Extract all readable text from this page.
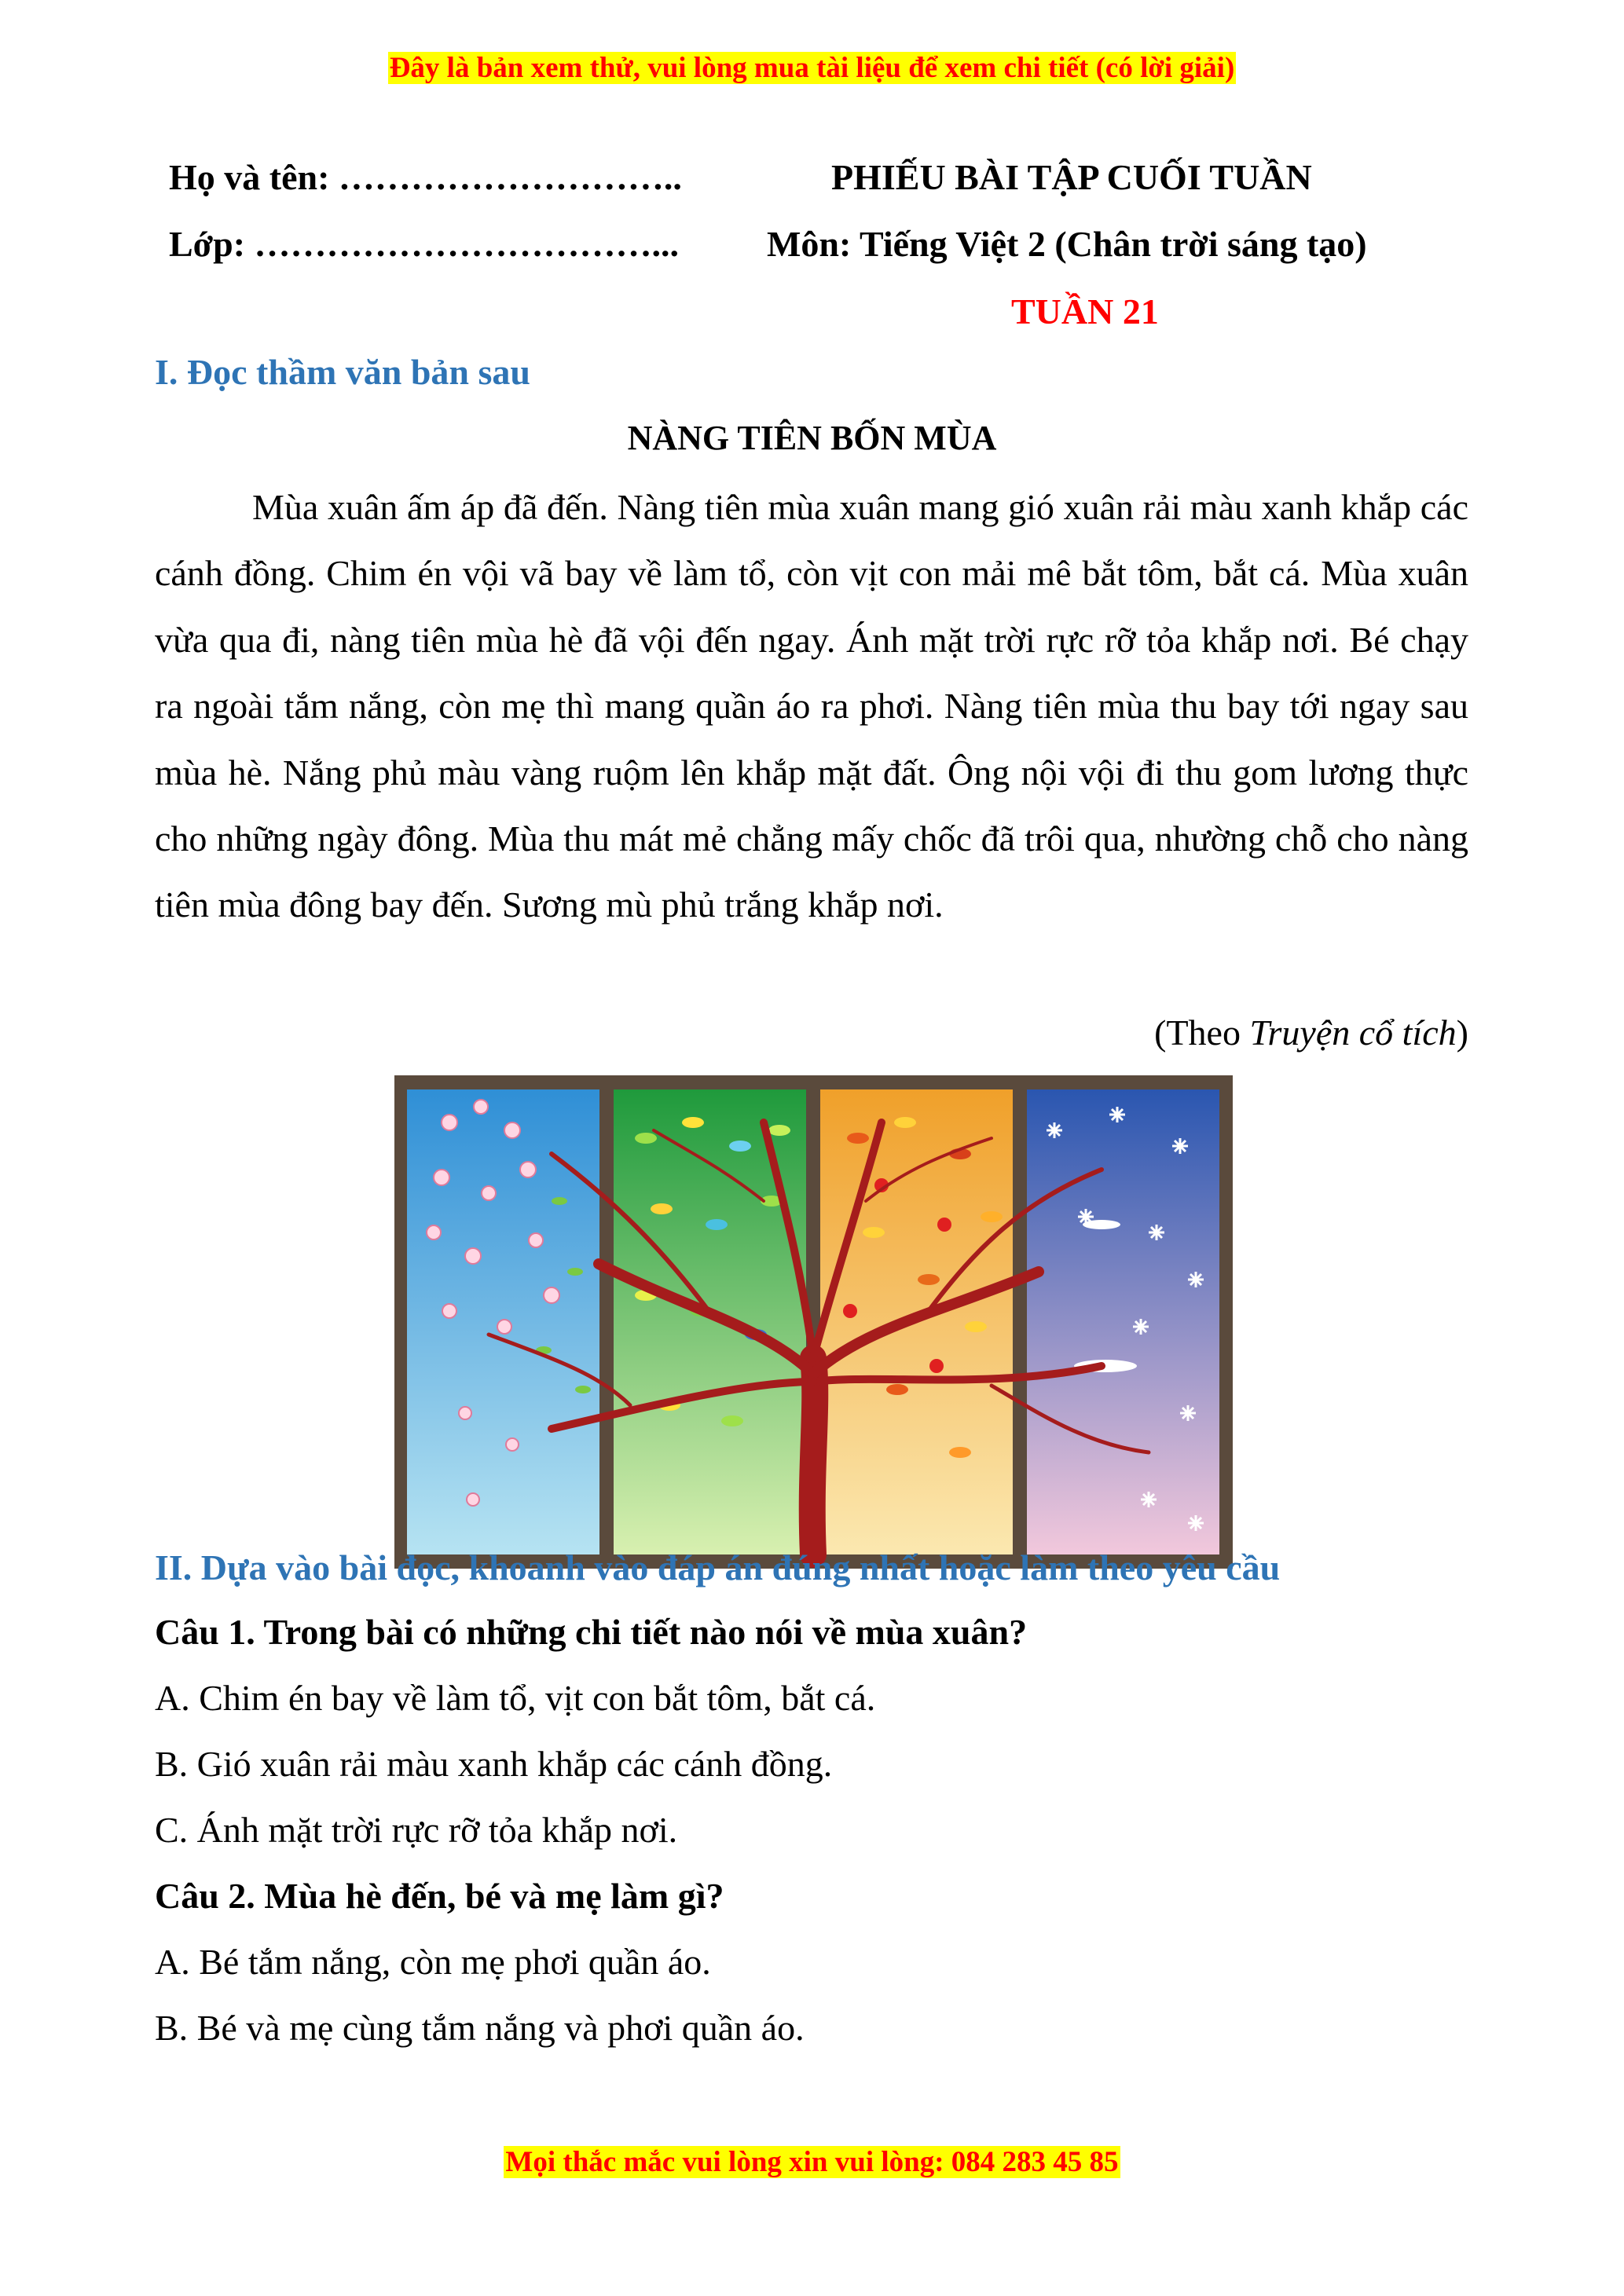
Đây là bản xem thử, vui lòng mua tài liệu để xem chi tiết (có lời giải)
Họ và tên: ………………………..	PHIẾU BÀI TẬP CUỐI TUẦN
Lớp: ……………………………... Môn: Tiếng Việt 2 (Chân trời sáng tạo)
TUẦN 21
I. Đọc thầm văn bản sau
NÀNG TIÊN BỐN MÙA
Mùa xuân ấm áp đã đến. Nàng tiên mùa xuân mang gió xuân rải màu xanh khắp các cánh đồng. Chim én vội vã bay về làm tổ, còn vịt con mải mê bắt tôm, bắt cá. Mùa xuân vừa qua đi, nàng tiên mùa hè đã vội đến ngay. Ánh mặt trời rực rỡ tỏa khắp nơi. Bé chạy ra ngoài tắm nắng, còn mẹ thì mang quần áo ra phơi. Nàng tiên mùa thu bay tới ngay sau mùa hè. Nắng phủ màu vàng ruộm lên khắp mặt đất. Ông nội vội đi thu gom lương thực cho những ngày đông. Mùa thu mát mẻ chẳng mấy chốc đã trôi qua, nhường chỗ cho nàng tiên mùa đông bay đến. Sương mù phủ trắng khắp nơi.
(Theo Truyện cổ tích)
II. Dựa vào bài đọc, khoanh vào đáp án đúng nhất hoặc làm theo yêu cầu
Câu 1. Trong bài có những chi tiết nào nói về mùa xuân?
A. Chim én bay về làm tổ, vịt con bắt tôm, bắt cá.
B. Gió xuân rải màu xanh khắp các cánh đồng.
C. Ánh mặt trời rực rỡ tỏa khắp nơi.
Câu 2. Mùa hè đến, bé và mẹ làm gì?
A. Bé tắm nắng, còn mẹ phơi quần áo.
B. Bé và mẹ cùng tắm nắng và phơi quần áo.
Mọi thắc mắc vui lòng xin vui lòng: 084 283 45 85
